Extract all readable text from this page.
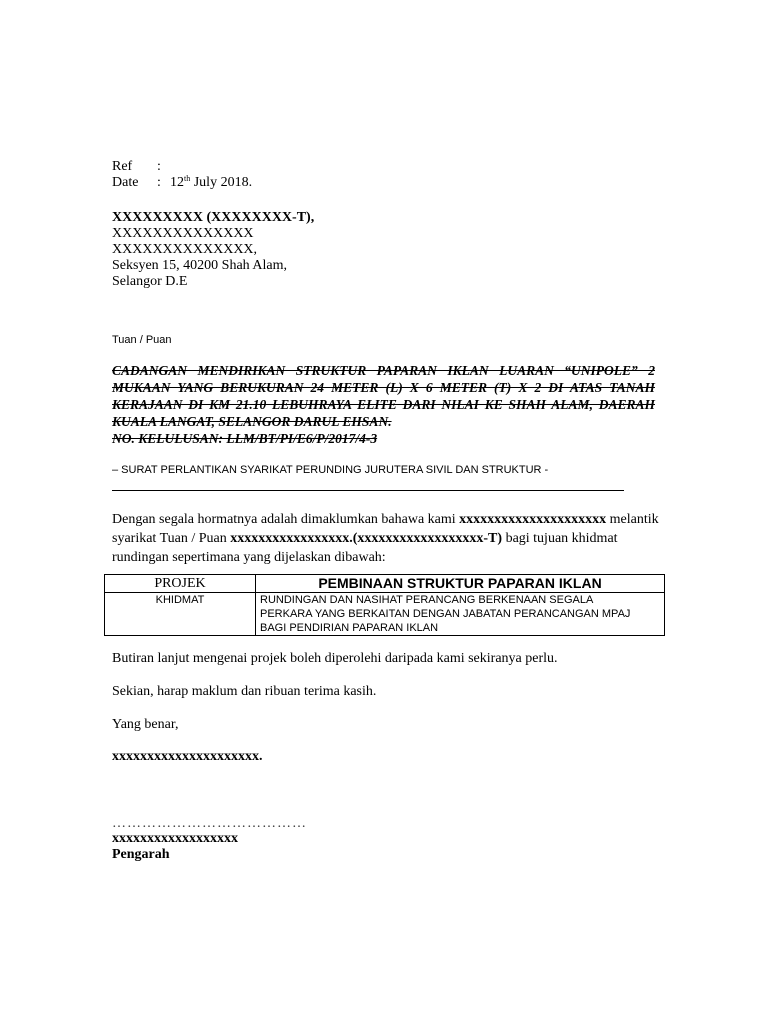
Ref :
Date : 12th July 2018.
XXXXXXXXX (XXXXXXXX-T),
XXXXXXXXXXXXXX
XXXXXXXXXXXXXX,
Seksyen 15, 40200 Shah Alam,
Selangor D.E
Tuan / Puan
CADANGAN MENDIRIKAN STRUKTUR PAPARAN IKLAN LUARAN “UNIPOLE” 2
MUKAAN YANG BERUKURAN 24 METER (L) X 6 METER (T) X 2 DI ATAS TANAH
KERAJAAN DI KM 21.10 LEBUHRAYA ELITE DARI NILAI KE SHAH ALAM, DAERAH
KUALA LANGAT, SELANGOR DARUL EHSAN.
NO. KELULUSAN: LLM/BT/PI/E6/P/2017/4-3
– SURAT PERLANTIKAN SYARIKAT PERUNDING JURUTERA SIVIL DAN STRUKTUR -
Dengan segala hormatnya adalah dimaklumkan bahawa kami xxxxxxxxxxxxxxxxxxxxx melantik
syarikat Tuan / Puan xxxxxxxxxxxxxxxxx.(xxxxxxxxxxxxxxxxxx-T) bagi tujuan khidmat
rundingan sepertimana yang dijelaskan dibawah:
PROJEK	PEMBINAAN STRUKTUR PAPARAN IKLAN
KHIDMAT	RUNDINGAN DAN NASIHAT PERANCANG BERKENAAN SEGALA
PERKARA YANG BERKAITAN DENGAN JABATAN PERANCANGAN MPAJ
BAGI PENDIRIAN PAPARAN IKLAN
Butiran lanjut mengenai projek boleh diperolehi daripada kami sekiranya perlu.
Sekian, harap maklum dan ribuan terima kasih.
Yang benar,
xxxxxxxxxxxxxxxxxxxxx.
…………………………………
xxxxxxxxxxxxxxxxxx
Pengarah
